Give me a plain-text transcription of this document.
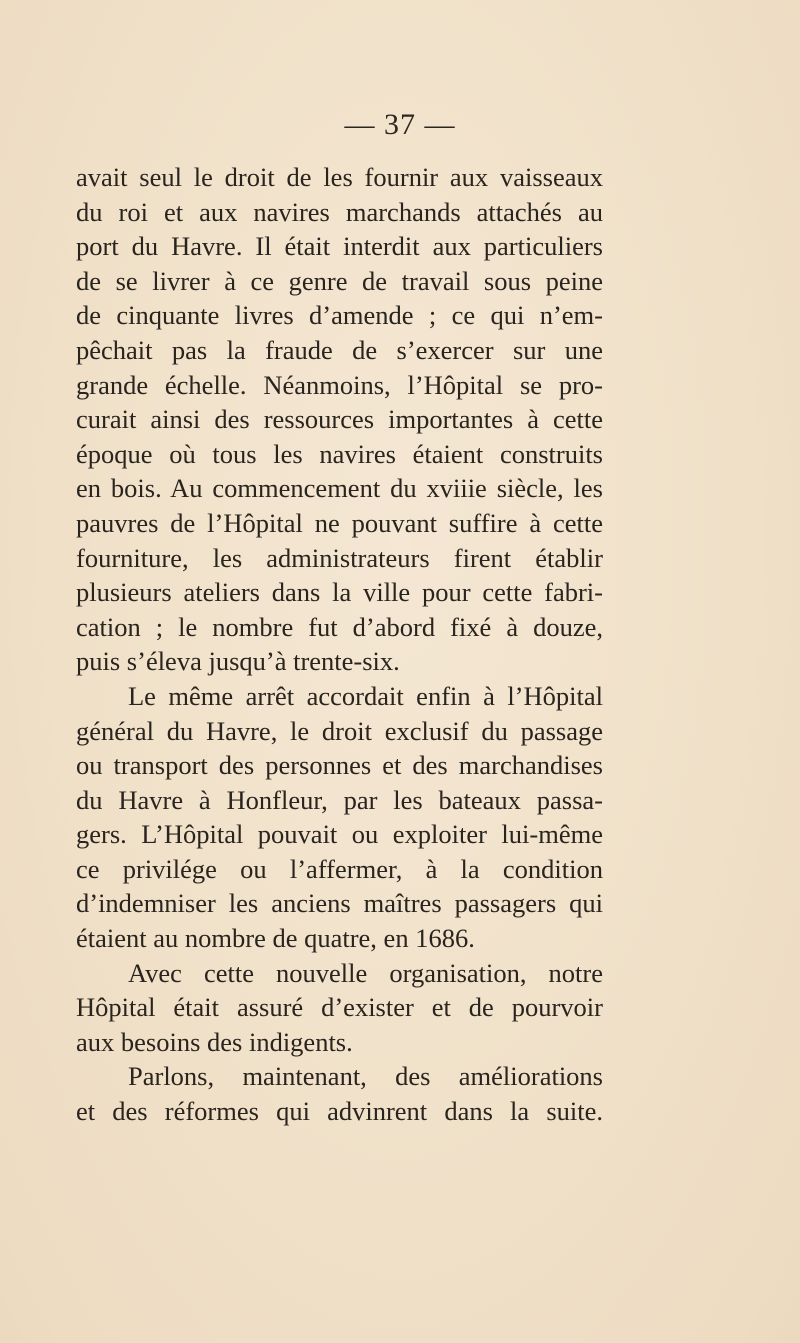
— 37 —
avait seul le droit de les fournir aux vaisseaux
du roi et aux navires marchands attachés au
port du Havre. Il était interdit aux particuliers
de se livrer à ce genre de travail sous peine
de cinquante livres d’amende ; ce qui n’em-
pêchait pas la fraude de s’exercer sur une
grande échelle. Néanmoins, l’Hôpital se pro-
curait ainsi des ressources importantes à cette
époque où tous les navires étaient construits
en bois. Au commencement du xviiie siècle, les
pauvres de l’Hôpital ne pouvant suffire à cette
fourniture, les administrateurs firent établir
plusieurs ateliers dans la ville pour cette fabri-
cation ; le nombre fut d’abord fixé à douze,
puis s’éleva jusqu’à trente-six.
Le même arrêt accordait enfin à l’Hôpital
général du Havre, le droit exclusif du passage
ou transport des personnes et des marchandises
du Havre à Honfleur, par les bateaux passa-
gers. L’Hôpital pouvait ou exploiter lui-même
ce privilége ou l’affermer, à la condition
d’indemniser les anciens maîtres passagers qui
étaient au nombre de quatre, en 1686.
Avec cette nouvelle organisation, notre
Hôpital était assuré d’exister et de pourvoir
aux besoins des indigents.
Parlons, maintenant, des améliorations
et des réformes qui advinrent dans la suite.
